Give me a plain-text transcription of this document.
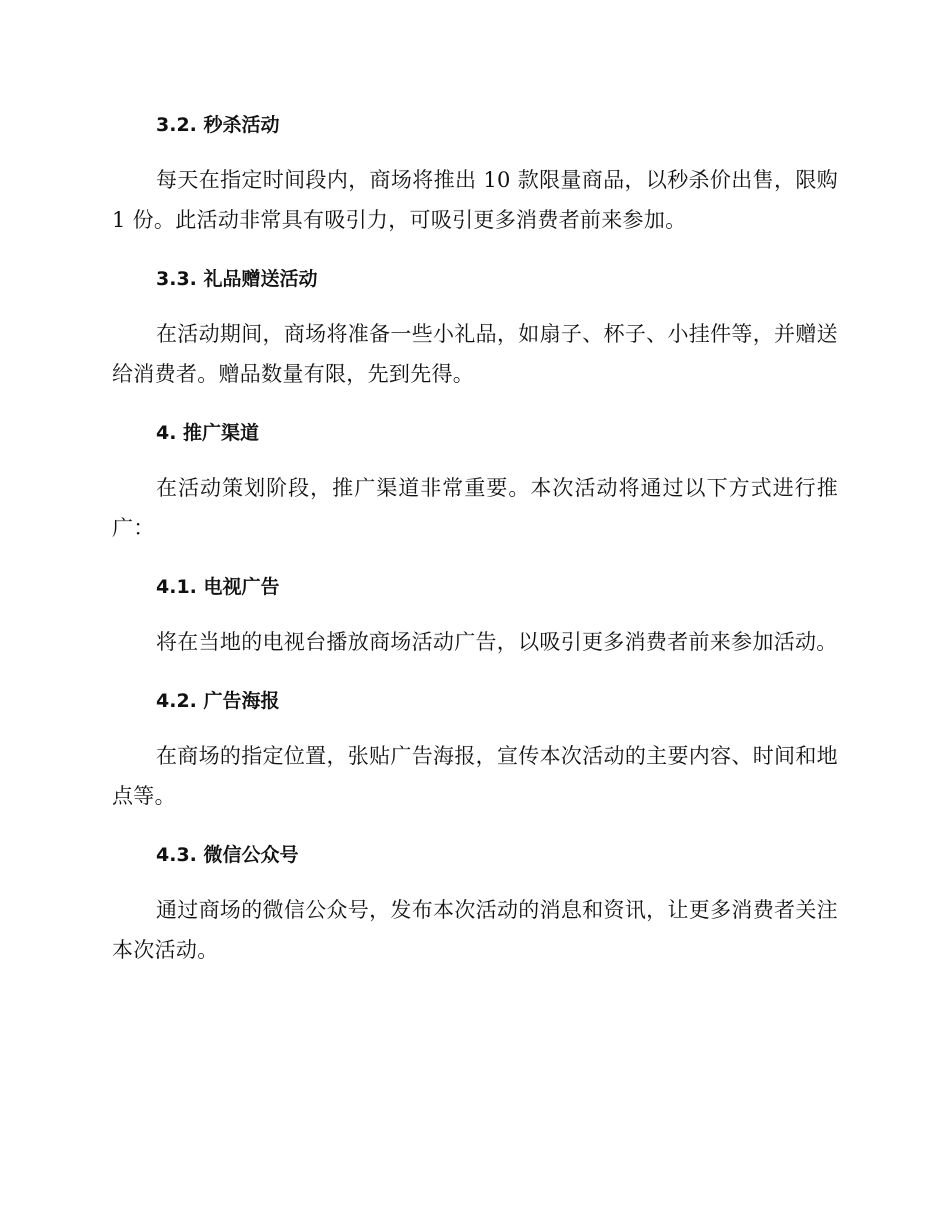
3.2. 秒杀活动

每天在指定时间段内，商场将推出 10 款限量商品，以秒杀价出售，限购 1 份。此活动非常具有吸引力，可吸引更多消费者前来参加。

3.3. 礼品赠送活动

在活动期间，商场将准备一些小礼品，如扇子、杯子、小挂件等，并赠送给消费者。赠品数量有限，先到先得。

4. 推广渠道

在活动策划阶段，推广渠道非常重要。本次活动将通过以下方式进行推广：

4.1. 电视广告

将在当地的电视台播放商场活动广告，以吸引更多消费者前来参加活动。

4.2. 广告海报

在商场的指定位置，张贴广告海报，宣传本次活动的主要内容、时间和地点等。

4.3. 微信公众号

通过商场的微信公众号，发布本次活动的消息和资讯，让更多消费者关注本次活动。
